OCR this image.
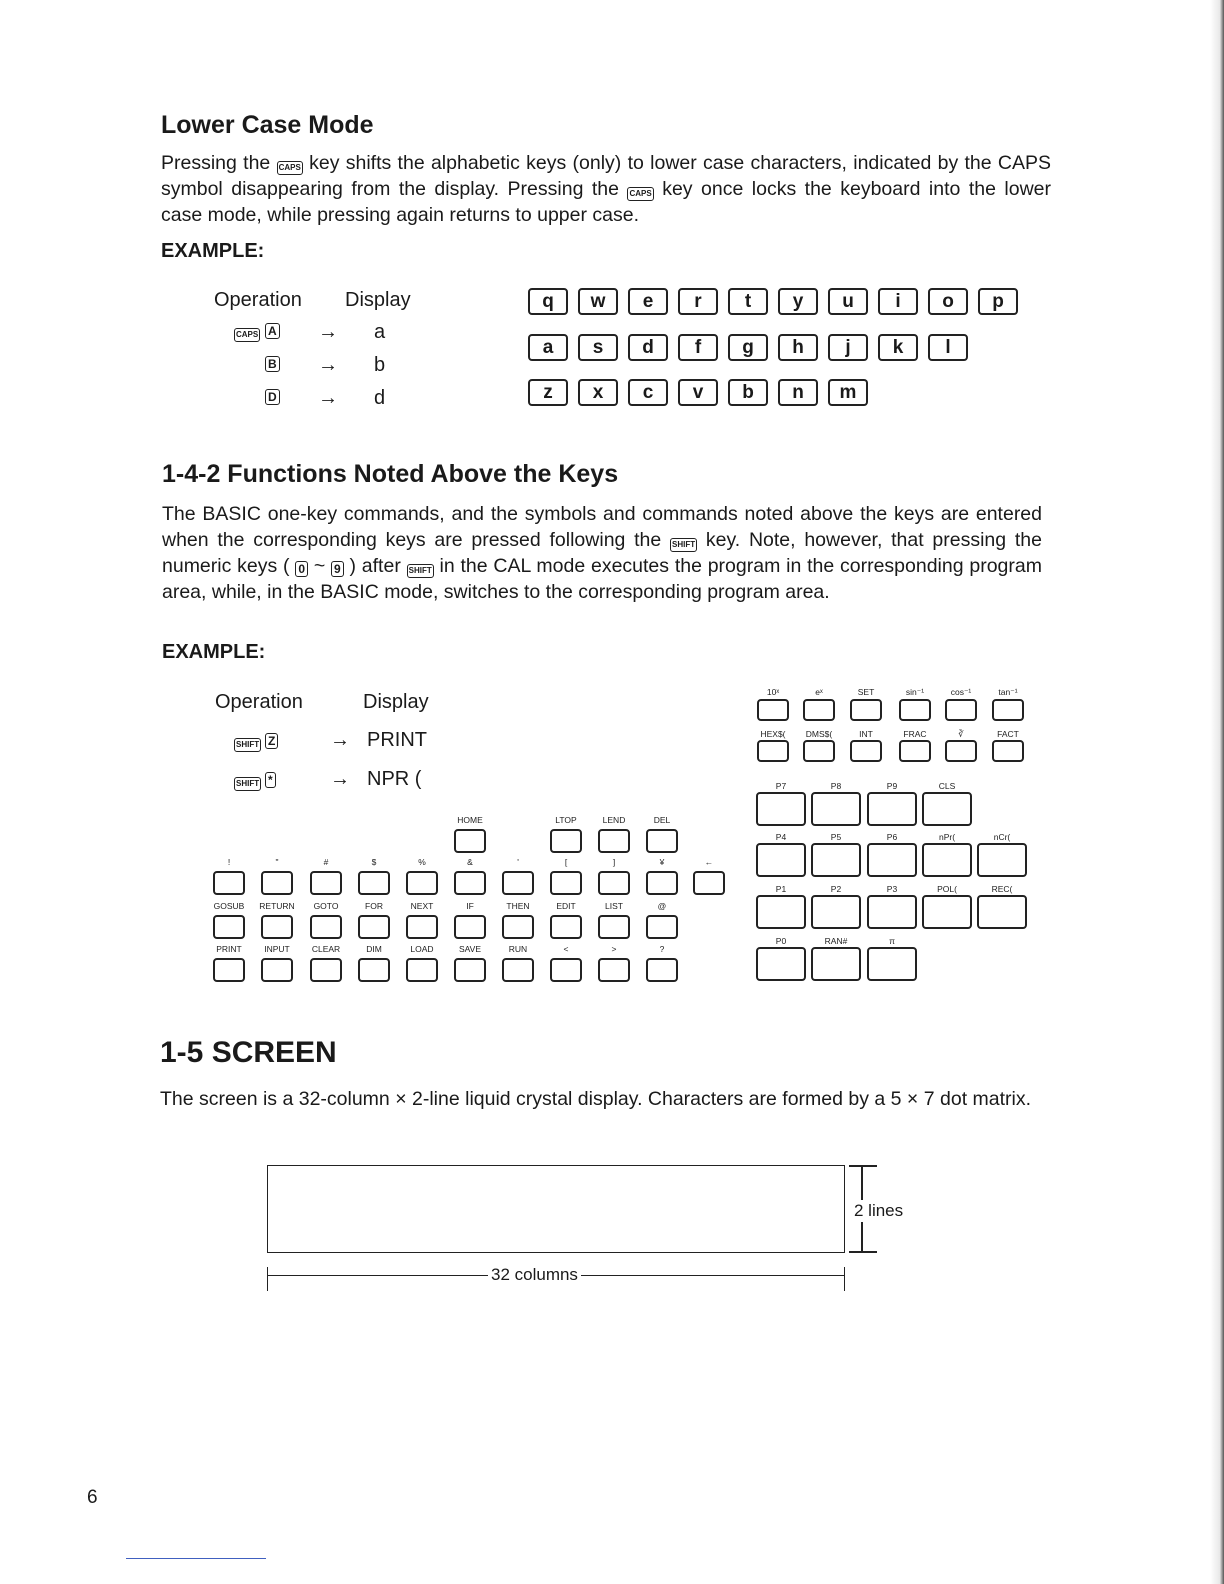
Lower Case Mode
Pressing the CAPS key shifts the alphabetic keys (only) to lower case characters, indicated by the CAPS symbol disappearing from the display. Pressing the CAPS key once locks the keyboard into the lower case mode, while pressing again returns to upper case.
EXAMPLE:
Operation Display
CAPS A → a
B → b
D → d
q	w	e	r	t	y	u	i	o	p
a	s	d	f	g	h	j	k	l
z	x	c	v	b	n	m
1-4-2 Functions Noted Above the Keys
The BASIC one-key commands, and the symbols and commands noted above the keys are entered when the corresponding keys are pressed following the SHIFT key. Note, however, that pressing the numeric keys ( 0 ~ 9 ) after SHIFT in the CAL mode executes the program in the corresponding program area, while, in the BASIC mode, switches to the corresponding program area.
EXAMPLE:
Operation	Display
SHIFT Z	→ PRINT
SHIFT *	→ NPR (
HOME	LTOP	LEND	DEL
!	"	#	$	%	&	'	[	]	¥	←
GOSUB	RETURN	GOTO	FOR	NEXT	IF	THEN	EDIT	LIST	@
PRINT	INPUT	CLEAR	DIM	LOAD	SAVE	RUN	<	>	?
10ˣ	eˣ	SET	sin⁻¹	cos⁻¹	tan⁻¹
HEX$(	DMS$(	INT	FRAC	∛	FACT
P7	P8	P9	CLS
P4	P5	P6	nPr(	nCr(
P1	P2	P3	POL(	REC(
P0	RAN#	π
1-5 SCREEN
The screen is a 32-column × 2-line liquid crystal display. Characters are formed by a 5 × 7 dot matrix.
2 lines
32 columns
6
